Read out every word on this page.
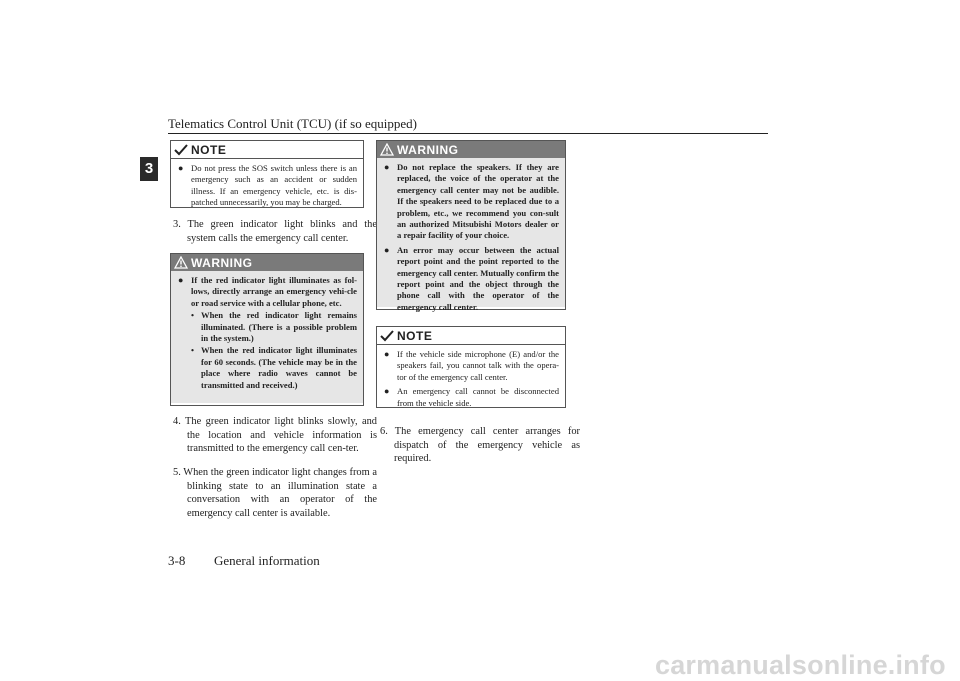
Telematics Control Unit (TCU) (if so equipped)
3
NOTE
● Do not press the SOS switch unless there is an emergency such as an accident or sudden illness. If an emergency vehicle, etc. is dis-patched unnecessarily, you may be charged.
3. The green indicator light blinks and the system calls the emergency call center.
WARNING
● If the red indicator light illuminates as fol-lows, directly arrange an emergency vehi-cle or road service with a cellular phone, etc.
• When the red indicator light remains illuminated. (There is a possible problem in the system.)
• When the red indicator light illuminates for 60 seconds. (The vehicle may be in the place where radio waves cannot be transmitted and received.)
4. The green indicator light blinks slowly, and the location and vehicle information is transmitted to the emergency call cen-ter.
5. When the green indicator light changes from a blinking state to an illumination state a conversation with an operator of the emergency call center is available.
WARNING
● Do not replace the speakers. If they are replaced, the voice of the operator at the emergency call center may not be audible. If the speakers need to be replaced due to a problem, etc., we recommend you con-sult an authorized Mitsubishi Motors dealer or a repair facility of your choice.
● An error may occur between the actual report point and the point reported to the emergency call center. Mutually confirm the report point and the object through the phone call with the operator of the emergency call center.
NOTE
● If the vehicle side microphone (E) and/or the speakers fail, you cannot talk with the opera-tor of the emergency call center.
● An emergency call cannot be disconnected from the vehicle side.
6. The emergency call center arranges for dispatch of the emergency vehicle as required.
3-8 General information
carmanualsonline.info
